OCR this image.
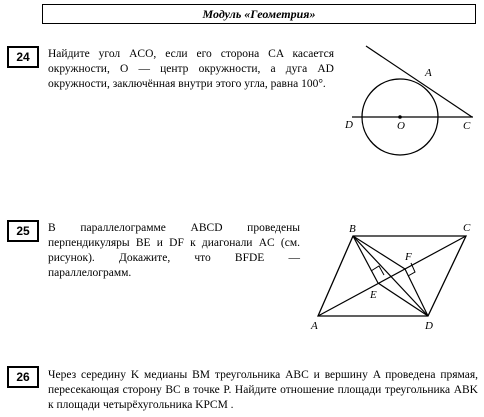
Модуль «Геометрия»
24	Найдите угол ACO, если его сторона CA касается окружности, O — центр окружности, а дуга AD окружности, заключённая внутри этого угла, равна 100°.
25	В параллелограмме ABCD проведены перпендикуляры BE и DF к диагонали AC (см. рисунок). Докажите, что BFDE — параллелограмм.
26	Через середину K медианы BM треугольника ABC и вершину A проведена прямая, пересекающая сторону BC в точке P. Найдите отношение площади треугольника ABK к площади четырёхугольника KPCM .
A
D	O	C
B	C
A	D
E
F
